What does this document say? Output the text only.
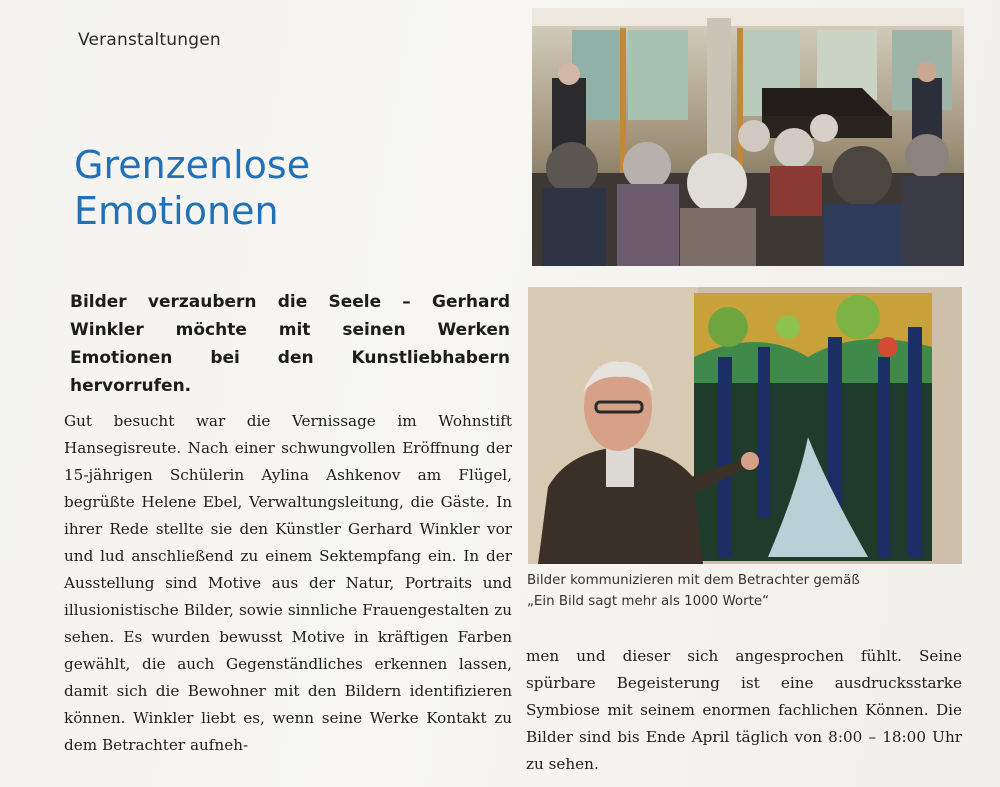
Veranstaltungen
Grenzenlose
Emotionen

Bilder verzaubern die Seele – Gerhard Winkler möchte mit seinen Werken Emotionen bei den Kunstliebhabern hervorrufen.

Gut besucht war die Vernissage im Wohnstift Hansegisreute. Nach einer schwungvollen Eröffnung der 15-jährigen Schülerin Aylina Ashkenov am Flügel, begrüßte Helene Ebel, Verwaltungsleitung, die Gäste. In ihrer Rede stellte sie den Künstler Gerhard Winkler vor und lud anschließend zu einem Sektempfang ein. In der Ausstellung sind Motive aus der Natur, Portraits und illusionistische Bilder, sowie sinnliche Frauengestalten zu sehen. Es wurden bewusst Motive in kräftigen Farben gewählt, die auch Gegenständliches erkennen lassen, damit sich die Bewohner mit den Bildern identifizieren können. Winkler liebt es, wenn seine Werke Kontakt zu dem Betrachter aufneh-

Bilder kommunizieren mit dem Betrachter gemäß
„Ein Bild sagt mehr als 1000 Worte“

men und dieser sich angesprochen fühlt. Seine spürbare Begeisterung ist eine ausdrucksstarke Symbiose mit seinem enormen fachlichen Können. Die Bilder sind bis Ende April täglich von 8:00 – 18:00 Uhr zu sehen.
